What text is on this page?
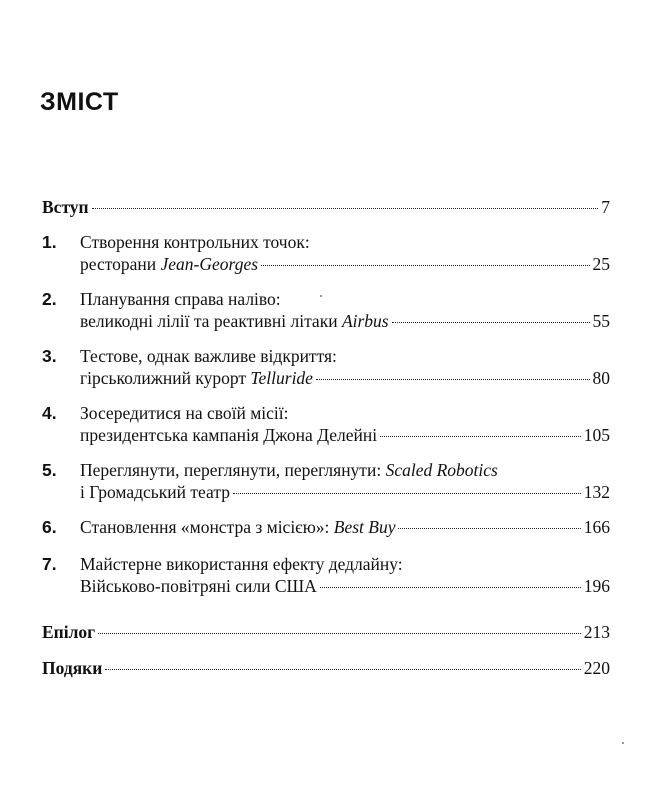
ЗМІСТ
Вступ	7
1.	Створення контрольних точок:
ресторани Jean-Georges	25
2.	Планування справа наліво:
великодні лілії та реактивні літаки Airbus	55
3.	Тестове, однак важливе відкриття:
гірськолижний курорт Telluride	80
4.	Зосередитися на своїй місії:
президентська кампанія Джона Делейні	105
5.	Переглянути, переглянути, переглянути: Scaled Robotics
і Громадський театр	132
6.	Становлення «монстра з місією»: Best Buy	166
7.	Майстерне використання ефекту дедлайну:
Військово-повітряні сили США	196
Епілог	213
Подяки	220
